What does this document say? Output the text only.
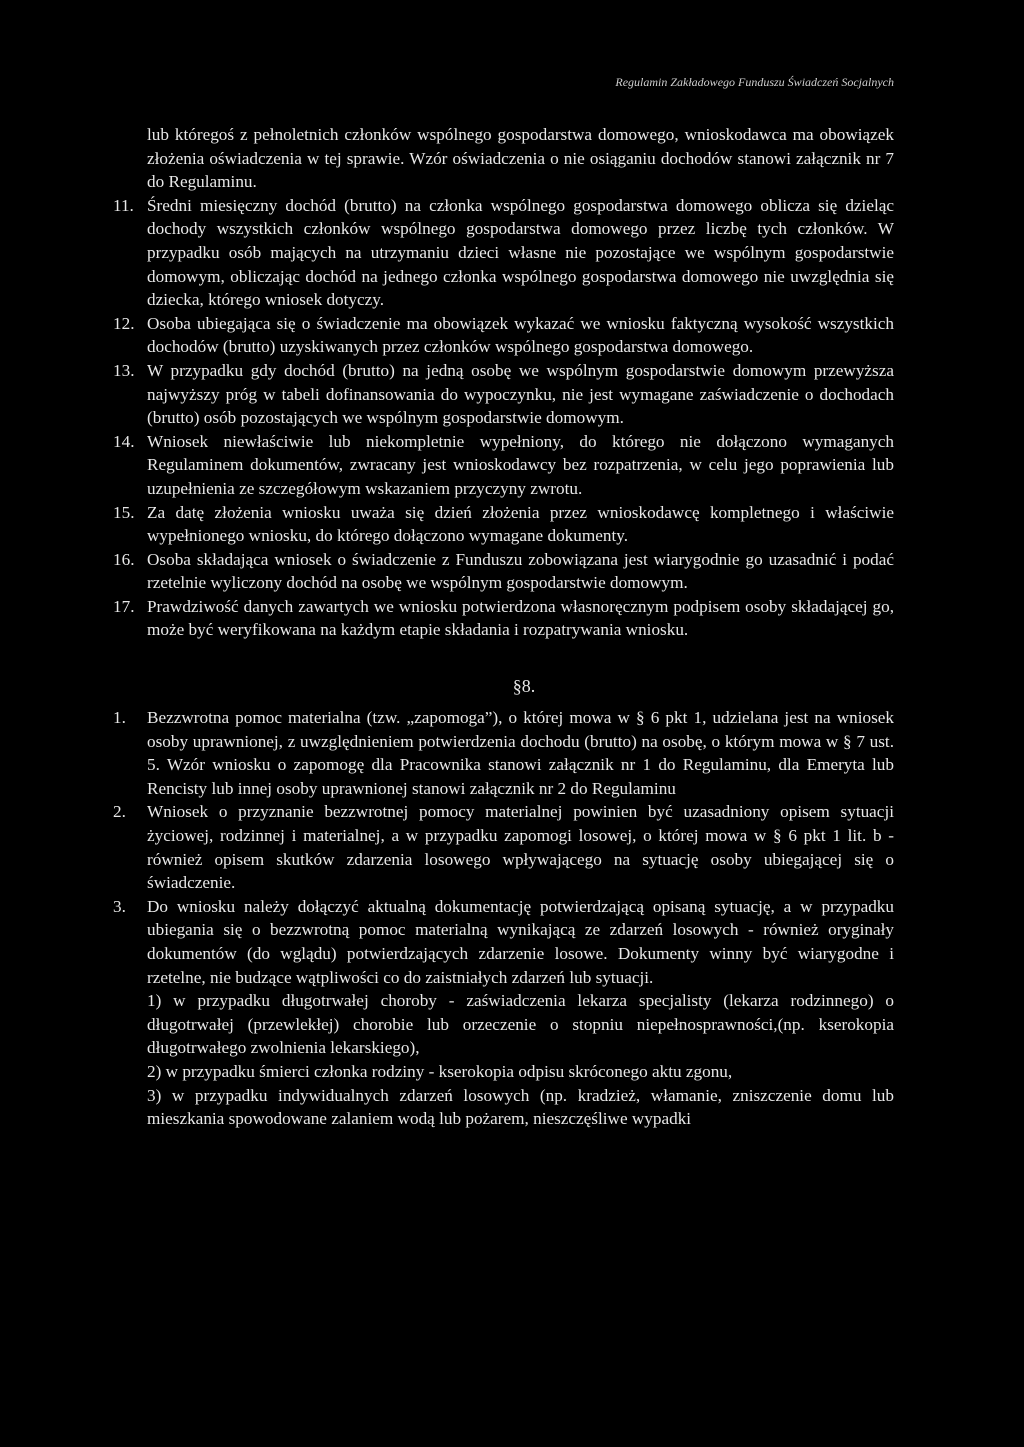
Regulamin Zakładowego Funduszu Świadczeń Socjalnych
lub któregoś z pełnoletnich członków wspólnego gospodarstwa domowego, wnioskodawca ma obowiązek złożenia oświadczenia w tej sprawie. Wzór oświadczenia o nie osiąganiu dochodów stanowi załącznik nr 7 do Regulaminu.
11. Średni miesięczny dochód (brutto) na członka wspólnego gospodarstwa domowego oblicza się dzieląc dochody wszystkich członków wspólnego gospodarstwa domowego przez liczbę tych członków. W przypadku osób mających na utrzymaniu dzieci własne nie pozostające we wspólnym gospodarstwie domowym, obliczając dochód na jednego członka wspólnego gospodarstwa domowego nie uwzględnia się dziecka, którego wniosek dotyczy.
12. Osoba ubiegająca się o świadczenie ma obowiązek wykazać we wniosku faktyczną wysokość wszystkich dochodów (brutto) uzyskiwanych przez członków wspólnego gospodarstwa domowego.
13. W przypadku gdy dochód (brutto) na jedną osobę we wspólnym gospodarstwie domowym przewyższa najwyższy próg w tabeli dofinansowania do wypoczynku, nie jest wymagane zaświadczenie o dochodach (brutto) osób pozostających we wspólnym gospodarstwie domowym.
14. Wniosek niewłaściwie lub niekompletnie wypełniony, do którego nie dołączono wymaganych Regulaminem dokumentów, zwracany jest wnioskodawcy bez rozpatrzenia, w celu jego poprawienia lub uzupełnienia ze szczegółowym wskazaniem przyczyny zwrotu.
15. Za datę złożenia wniosku uważa się dzień złożenia przez wnioskodawcę kompletnego i właściwie wypełnionego wniosku, do którego dołączono wymagane dokumenty.
16. Osoba składająca wniosek o świadczenie z Funduszu zobowiązana jest wiarygodnie go uzasadnić i podać rzetelnie wyliczony dochód na osobę we wspólnym gospodarstwie domowym.
17. Prawdziwość danych zawartych we wniosku potwierdzona własnoręcznym podpisem osoby składającej go, może być weryfikowana na każdym etapie składania i rozpatrywania wniosku.
§8.
1. Bezzwrotna pomoc materialna (tzw. „zapomoga”), o której mowa w § 6 pkt 1, udzielana jest na wniosek osoby uprawnionej, z uwzględnieniem potwierdzenia dochodu (brutto) na osobę, o którym mowa w § 7 ust. 5. Wzór wniosku o zapomogę dla Pracownika stanowi załącznik nr 1 do Regulaminu, dla Emeryta lub Rencisty lub innej osoby uprawnionej stanowi załącznik nr 2 do Regulaminu
2. Wniosek o przyznanie bezzwrotnej pomocy materialnej powinien być uzasadniony opisem sytuacji życiowej, rodzinnej i materialnej, a w przypadku zapomogi losowej, o której mowa w § 6 pkt 1 lit. b - również opisem skutków zdarzenia losowego wpływającego na sytuację osoby ubiegającej się o świadczenie.
3. Do wniosku należy dołączyć aktualną dokumentację potwierdzającą opisaną sytuację, a w przypadku ubiegania się o bezzwrotną pomoc materialną wynikającą ze zdarzeń losowych - również oryginały dokumentów (do wglądu) potwierdzających zdarzenie losowe. Dokumenty winny być wiarygodne i rzetelne, nie budzące wątpliwości co do zaistniałych zdarzeń lub sytuacji.
1) w przypadku długotrwałej choroby - zaświadczenia lekarza specjalisty (lekarza rodzinnego) o długotrwałej (przewlekłej) chorobie lub orzeczenie o stopniu niepełnosprawności,(np. kserokopia długotrwałego zwolnienia lekarskiego),
2) w przypadku śmierci członka rodziny - kserokopia odpisu skróconego aktu zgonu,
3) w przypadku indywidualnych zdarzeń losowych (np. kradzież, włamanie, zniszczenie domu lub mieszkania spowodowane zalaniem wodą lub pożarem, nieszczęśliwe wypadki
